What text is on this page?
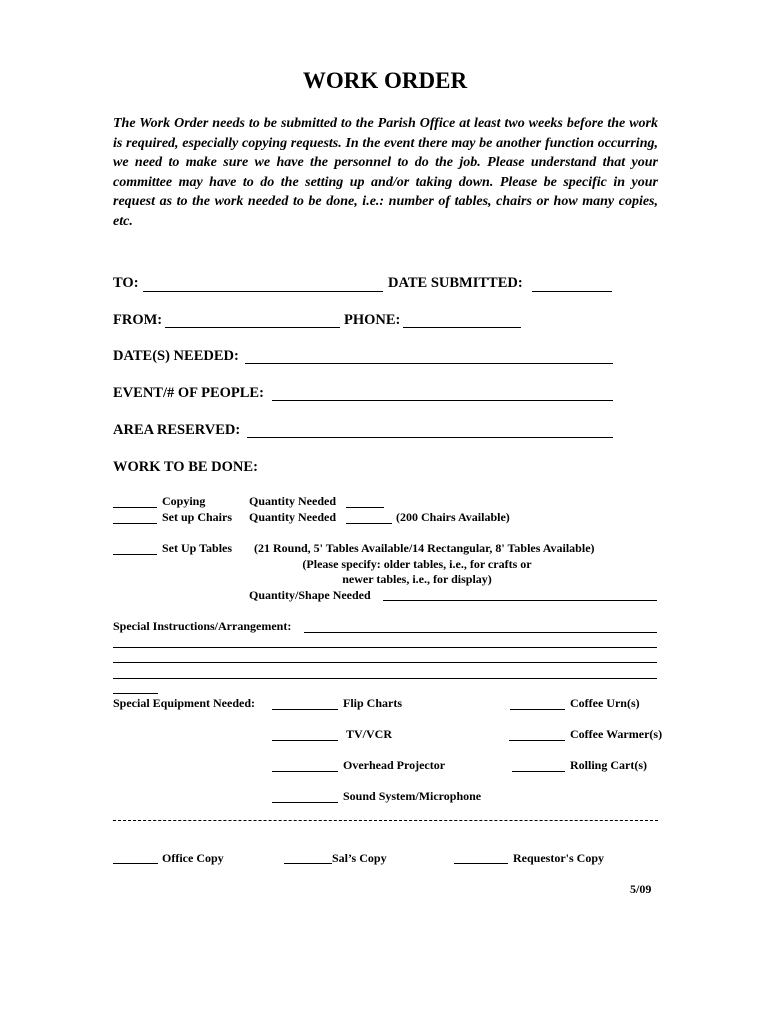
WORK ORDER
The Work Order needs to be submitted to the Parish Office at least two weeks before the work is required, especially copying requests. In the event there may be another function occurring, we need to make sure we have the personnel to do the job. Please understand that your committee may have to do the setting up and/or taking down. Please be specific in your request as to the work needed to be done, i.e.: number of tables, chairs or how many copies, etc.
TO:	DATE SUBMITTED:
FROM:	PHONE:
DATE(S) NEEDED:
EVENT/# OF PEOPLE:
AREA RESERVED:
WORK TO BE DONE:
Copying	Quantity Needed
Set up Chairs Quantity Needed	(200 Chairs Available)
Set Up Tables (21 Round, 5' Tables Available/14 Rectangular, 8' Tables Available)
(Please specify: older tables, i.e., for crafts or
newer tables, i.e., for display)
Quantity/Shape Needed
Special Instructions/Arrangement:
Special Equipment Needed:	Flip Charts	Coffee Urn(s)
TV/VCR	Coffee Warmer(s)
Overhead Projector	Rolling Cart(s)
Sound System/Microphone
Office Copy	Sal’s Copy	Requestor's Copy
5/09
